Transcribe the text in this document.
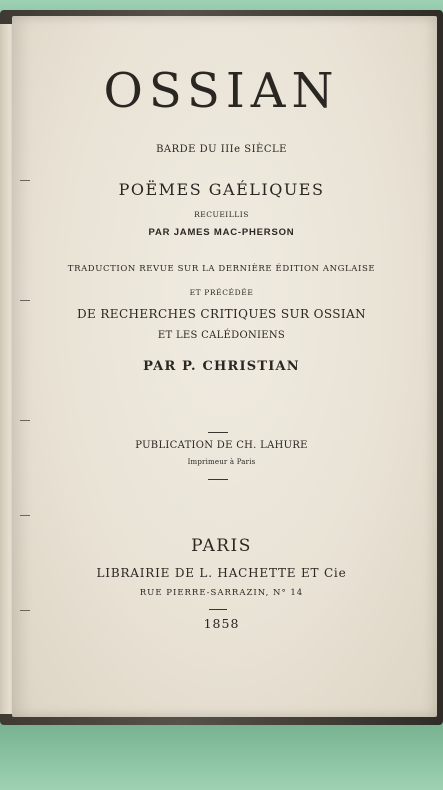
OSSIAN
BARDE DU IIIe SIÈCLE
POËMES GAÉLIQUES
RECUEILLIS
PAR JAMES MAC-PHERSON
TRADUCTION REVUE SUR LA DERNIÈRE ÉDITION ANGLAISE
ET PRÉCÉDÉE
DE RECHERCHES CRITIQUES SUR OSSIAN
ET LES CALÉDONIENS
PAR P. CHRISTIAN
PUBLICATION DE CH. LAHURE
Imprimeur à Paris
PARIS
LIBRAIRIE DE L. HACHETTE ET Cie
RUE PIERRE-SARRAZIN, N° 14
1858
